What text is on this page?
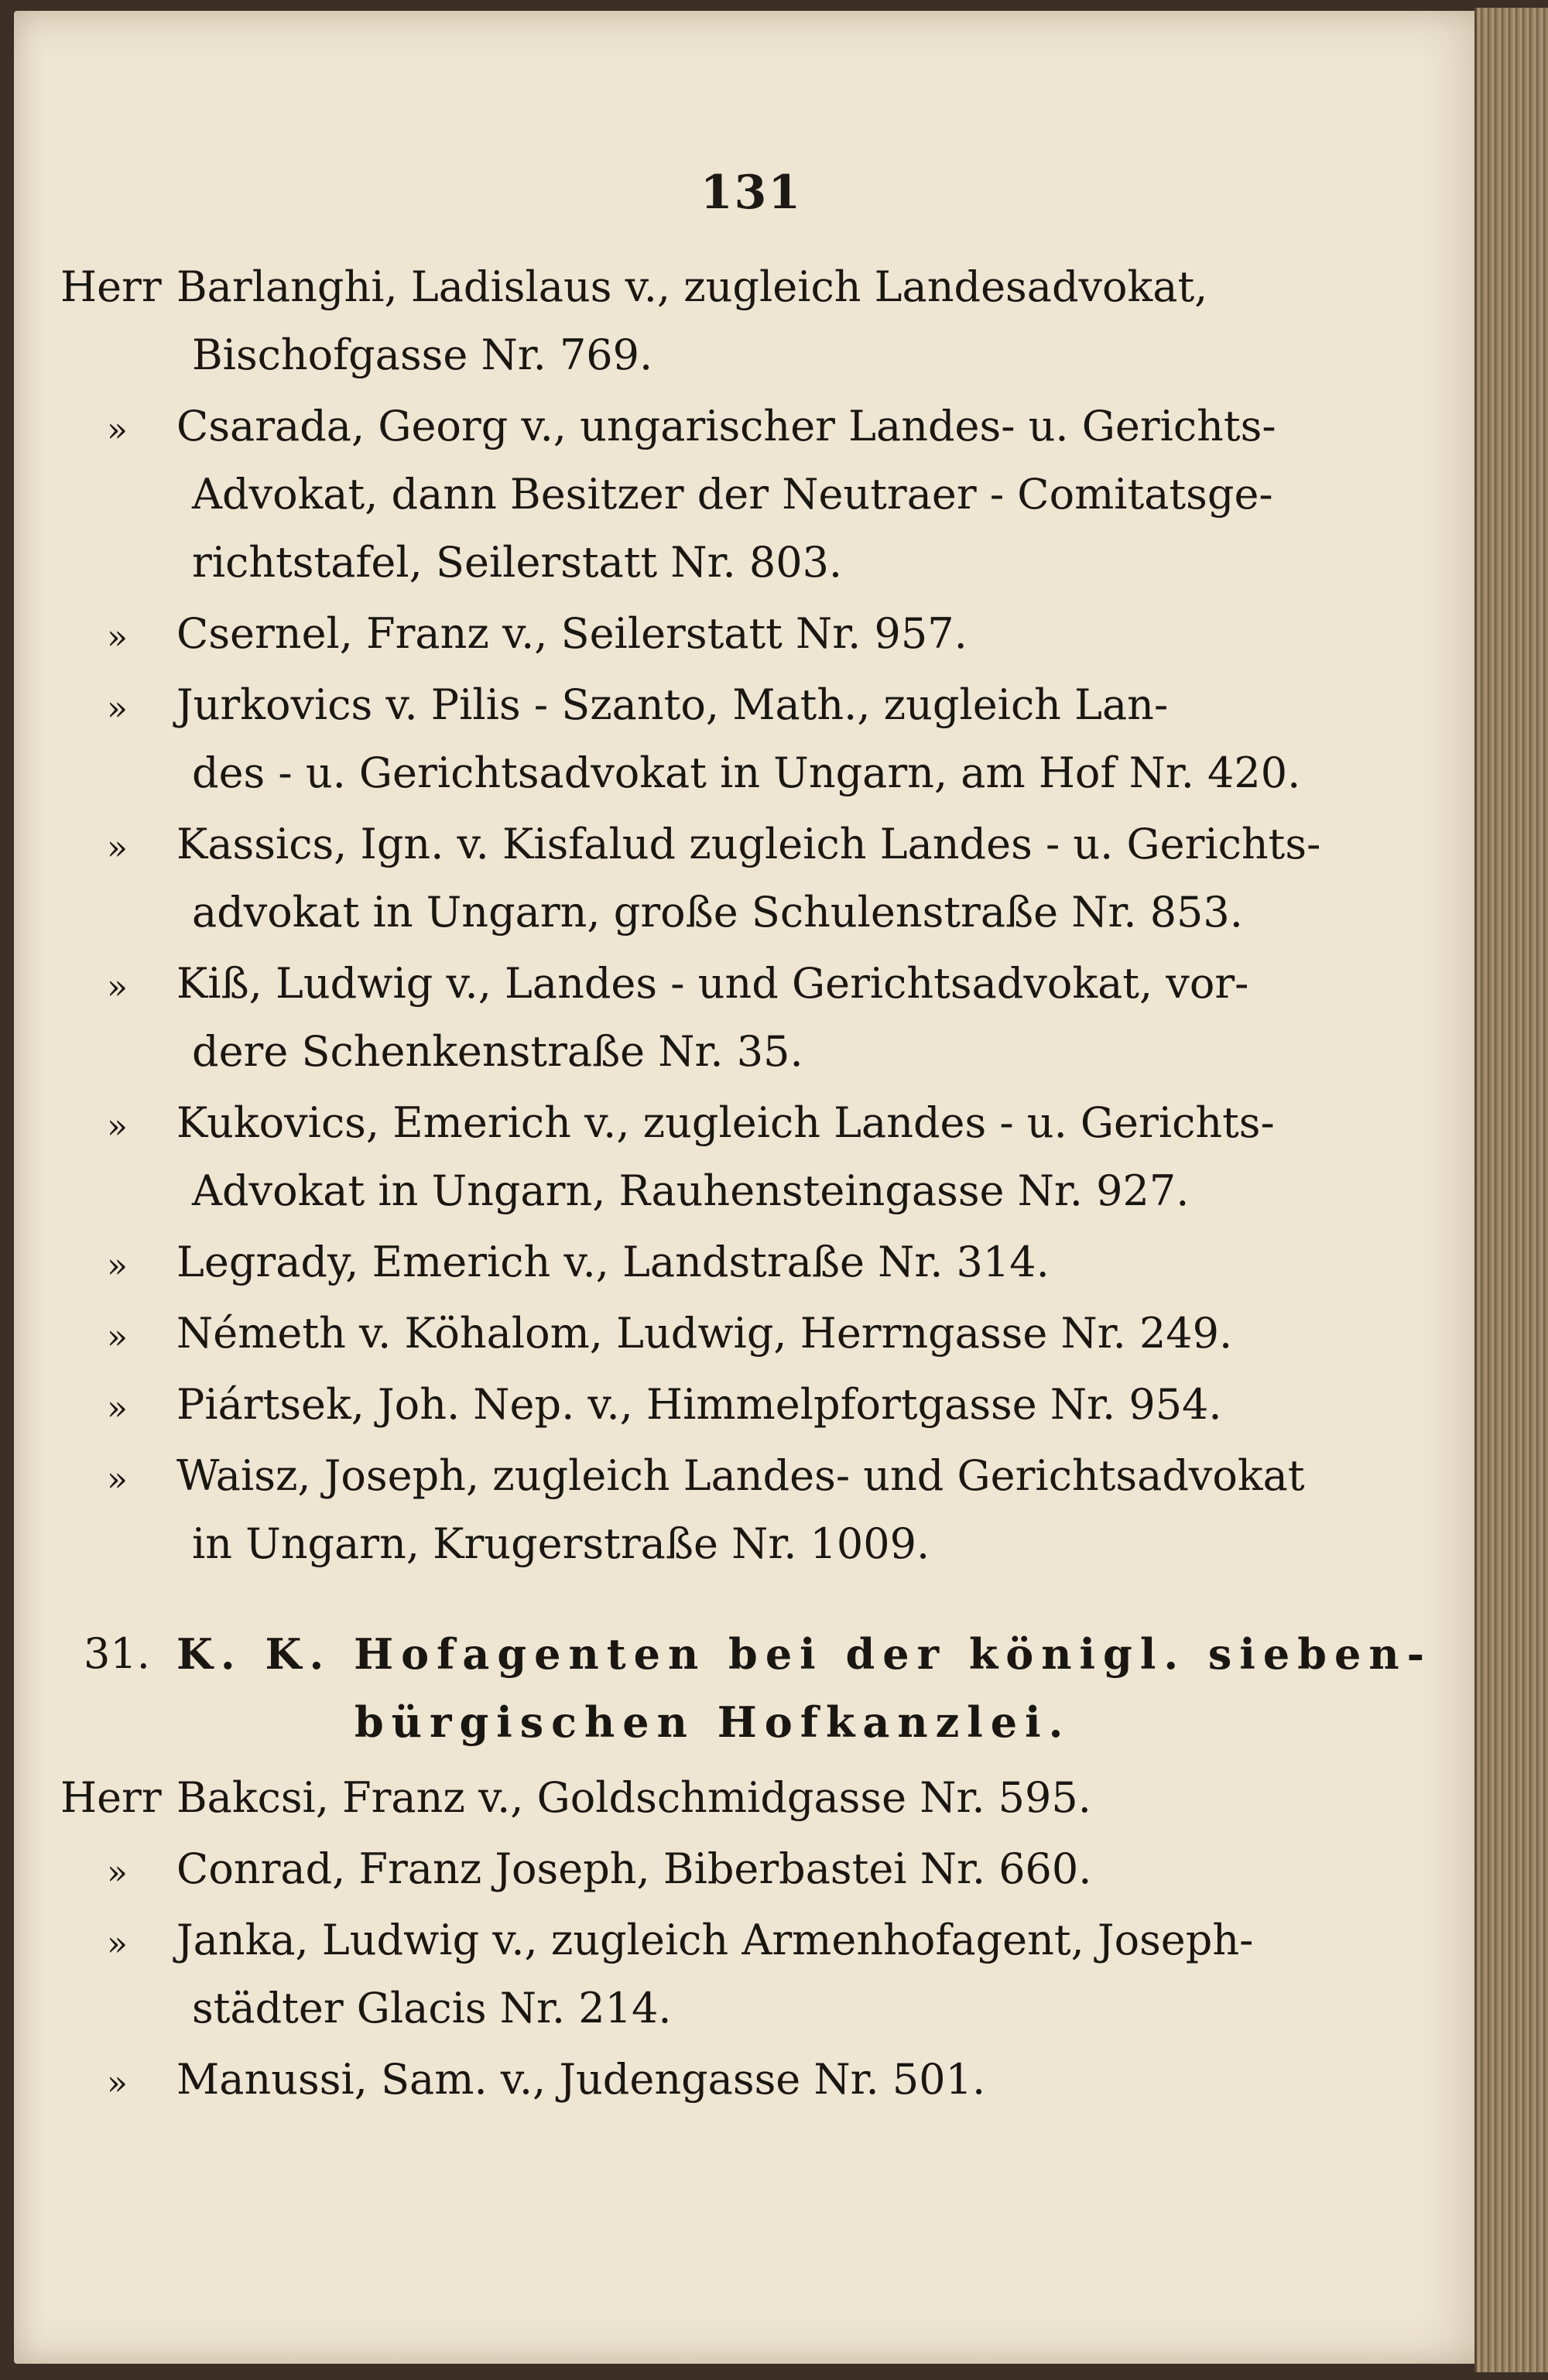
131
Herr Barlanghi, Ladislaus v., zugleich Landesadvokat,
Bischofgasse Nr. 769.
» Csarada, Georg v., ungarischer Landes- u. Gerichts-
Advokat, dann Besitzer der Neutraer - Comitatsge-
richtstafel, Seilerstatt Nr. 803.
» Csernel, Franz v., Seilerstatt Nr. 957.
» Jurkovics v. Pilis - Szanto, Math., zugleich Lan-
des - u. Gerichtsadvokat in Ungarn, am Hof Nr. 420.
» Kassics, Ign. v. Kisfalud zugleich Landes - u. Gerichts-
advokat in Ungarn, große Schulenstraße Nr. 853.
» Kiß, Ludwig v., Landes - und Gerichtsadvokat, vor-
dere Schenkenstraße Nr. 35.
» Kukovics, Emerich v., zugleich Landes - u. Gerichts-
Advokat in Ungarn, Rauhensteingasse Nr. 927.
» Legrady, Emerich v., Landstraße Nr. 314.
» Németh v. Köhalom, Ludwig, Herrngasse Nr. 249.
» Piártsek, Joh. Nep. v., Himmelpfortgasse Nr. 954.
» Waisz, Joseph, zugleich Landes- und Gerichtsadvokat
in Ungarn, Krugerstraße Nr. 1009.
31. K. K. Hofagenten bei der königl. sieben-
bürgischen Hofkanzlei.
Herr Bakcsi, Franz v., Goldschmidgasse Nr. 595.
» Conrad, Franz Joseph, Biberbastei Nr. 660.
» Janka, Ludwig v., zugleich Armenhofagent, Joseph-
städter Glacis Nr. 214.
» Manussi, Sam. v., Judengasse Nr. 501.
